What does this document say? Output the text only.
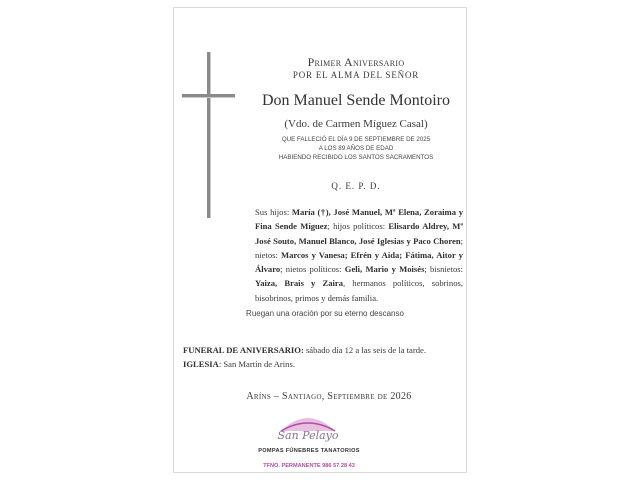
Primer Aniversario
POR EL ALMA DEL SEÑOR
Don Manuel Sende Montoiro
(Vdo. de Carmen Míguez Casal)
QUE FALLECIÓ EL DÍA 9 DE SEPTIEMBRE DE 2025
A LOS 89 AÑOS DE EDAD
HABIENDO RECIBIDO LOS SANTOS SACRAMENTOS
Q. E. P. D.
Sus hijos: María (†), José Manuel, Mª Elena, Zoraima y Fina Sende Míguez; hijos políticos: Elisardo Aldrey, Mª José Souto, Manuel Blanco, José Iglesias y Paco Choren; nietos: Marcos y Vanesa; Efrén y Aida; Fátima, Aitor y Álvaro; nietos políticos: Geli, Mario y Moisés; bisnietos: Yaiza, Brais y Zaira, hermanos políticos, sobrinos, bisobrinos, primos y demás familia.
Ruegan una oración por su eterno descanso
FUNERAL DE ANIVERSARIO: sábado día 12 a las seis de la tarde.
IGLESIA: San Martín de Arins.
Aríns – Santiago, Septiembre de 2026
San Pelayo
POMPAS FÚNEBRES TANATORIOS
TFNO. PERMANENTE 986 57 28 43
